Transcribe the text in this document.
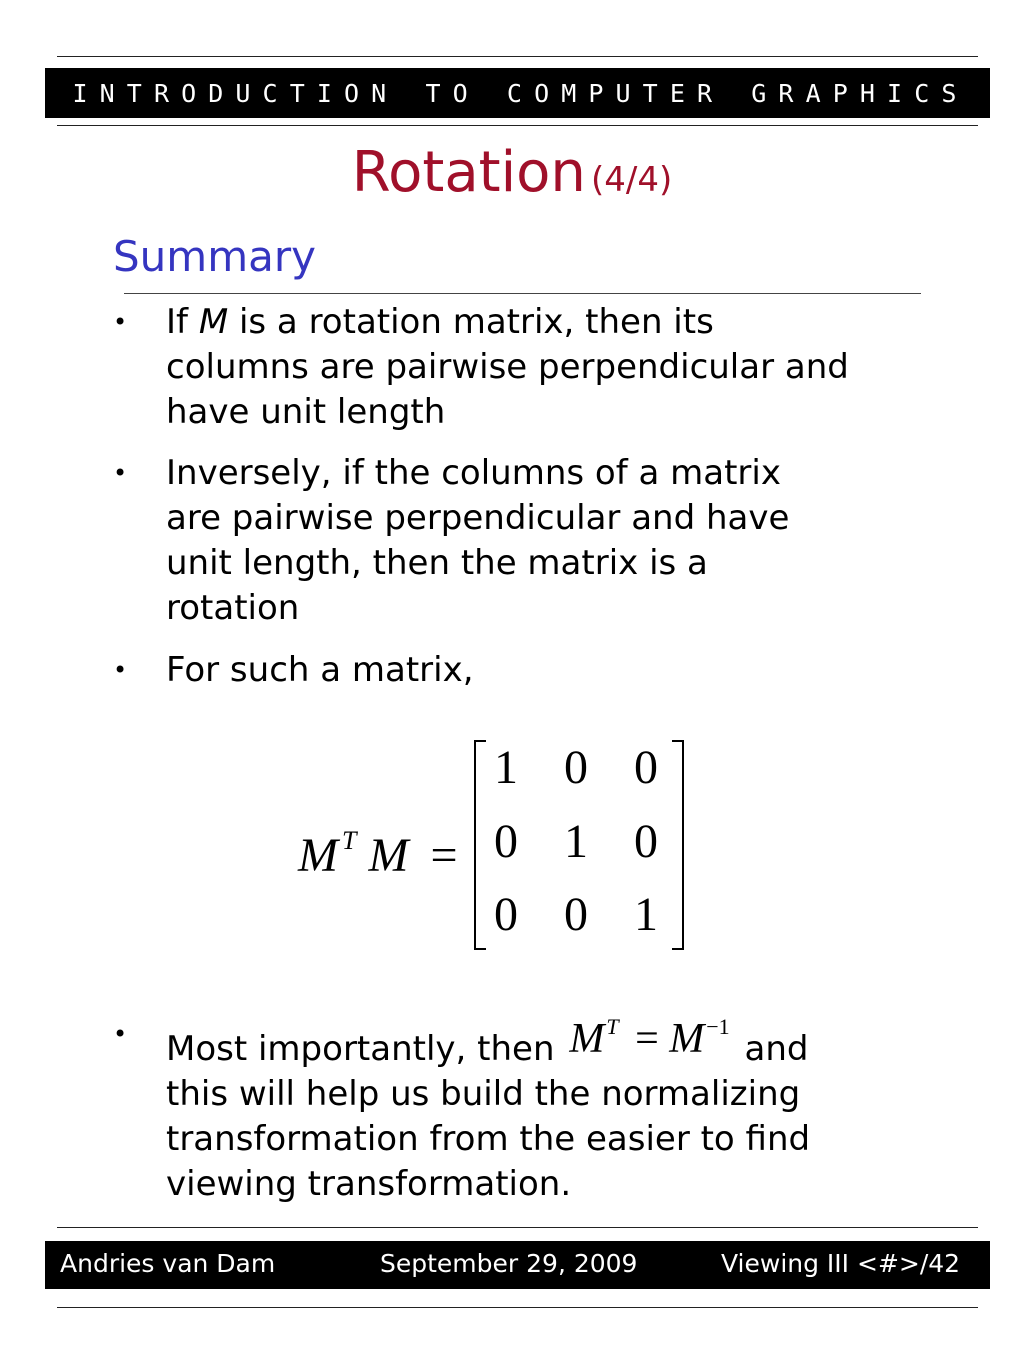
INTRODUCTION TO COMPUTER GRAPHICS
Rotation (4/4)
Summary
• If M is a rotation matrix, then its
columns are pairwise perpendicular and
have unit length
• Inversely, if the columns of a matrix
are pairwise perpendicular and have
unit length, then the matrix is a
rotation
• For such a matrix,
M $^T$ M =
1 0 0
0 1 0
0 0 1
• Most importantly, then $M^T = M^{-1}$ and
this will help us build the normalizing
transformation from the easier to find
viewing transformation.
Andries van Dam	September 29, 2009	Viewing III <#>/42
